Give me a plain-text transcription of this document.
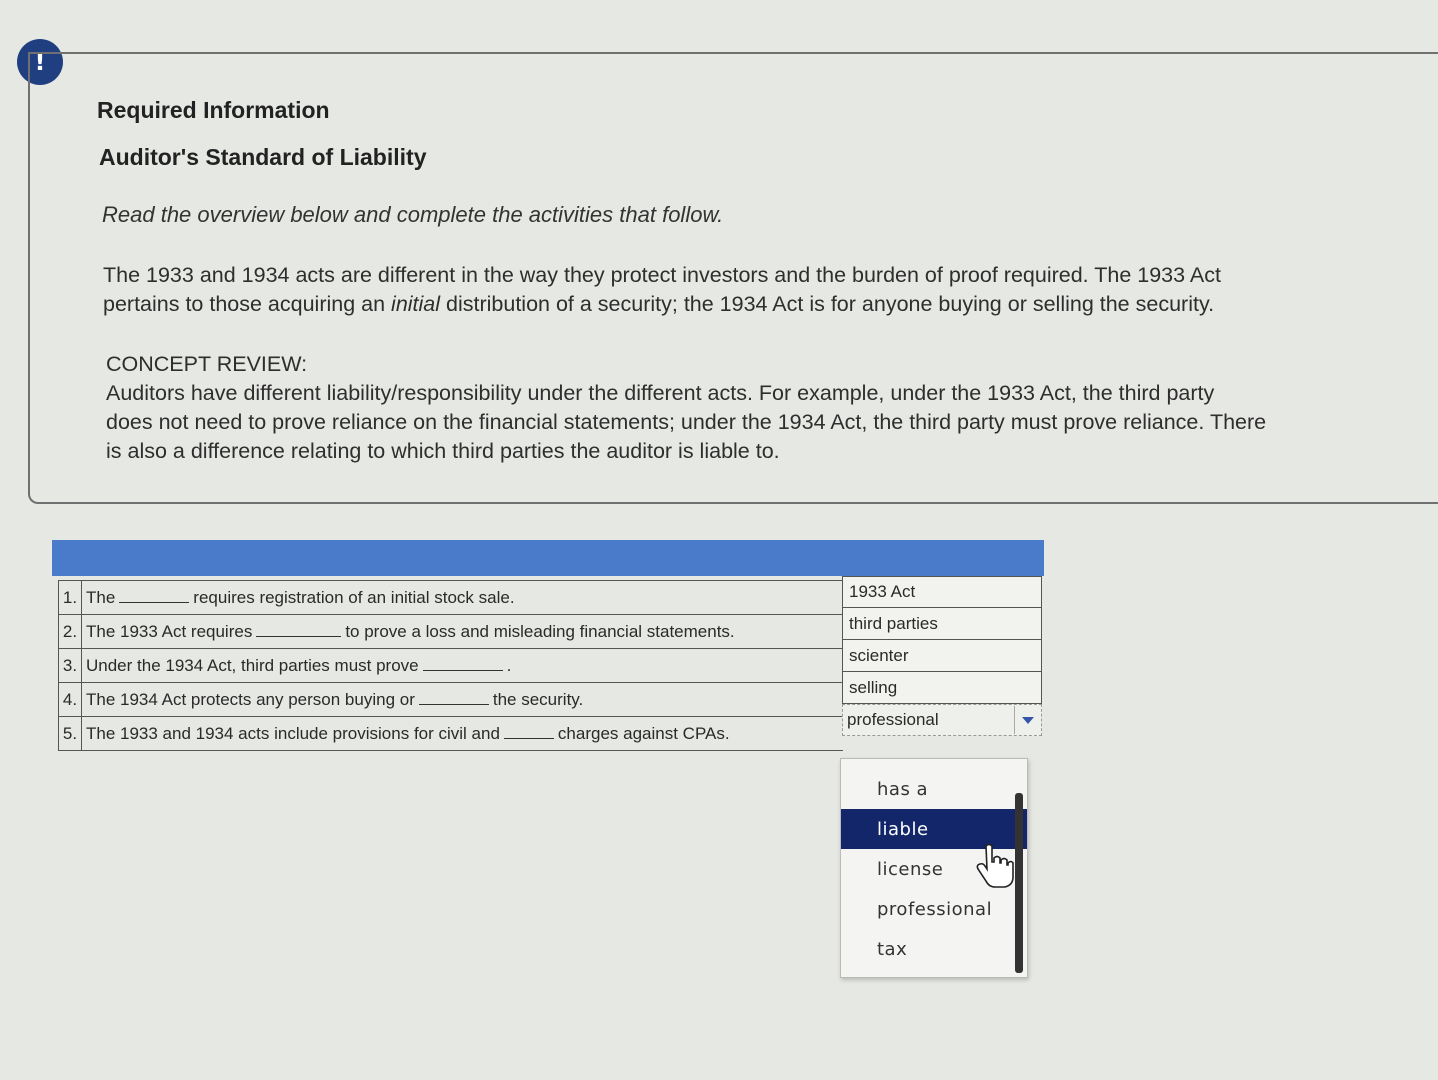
!
Required Information
Auditor's Standard of Liability
Read the overview below and complete the activities that follow.
The 1933 and 1934 acts are different in the way they protect investors and the burden of proof required. The 1933 Act
pertains to those acquiring an initial distribution of a security; the 1934 Act is for anyone buying or selling the security.
CONCEPT REVIEW:
Auditors have different liability/responsibility under the different acts. For example, under the 1933 Act, the third party
does not need to prove reliance on the financial statements; under the 1934 Act, the third party must prove reliance. There
is also a difference relating to which third parties the auditor is liable to.
1. The	requires registration of an initial stock sale.
2. The 1933 Act requires	to prove a loss and misleading financial statements.
3. Under the 1934 Act, third parties must prove	.
4. The 1934 Act protects any person buying or	the security.
5. The 1933 and 1934 acts include provisions for civil and	charges against CPAs.
1933 Act
third parties
scienter
selling
professional
has a
liable
license
professional
tax
